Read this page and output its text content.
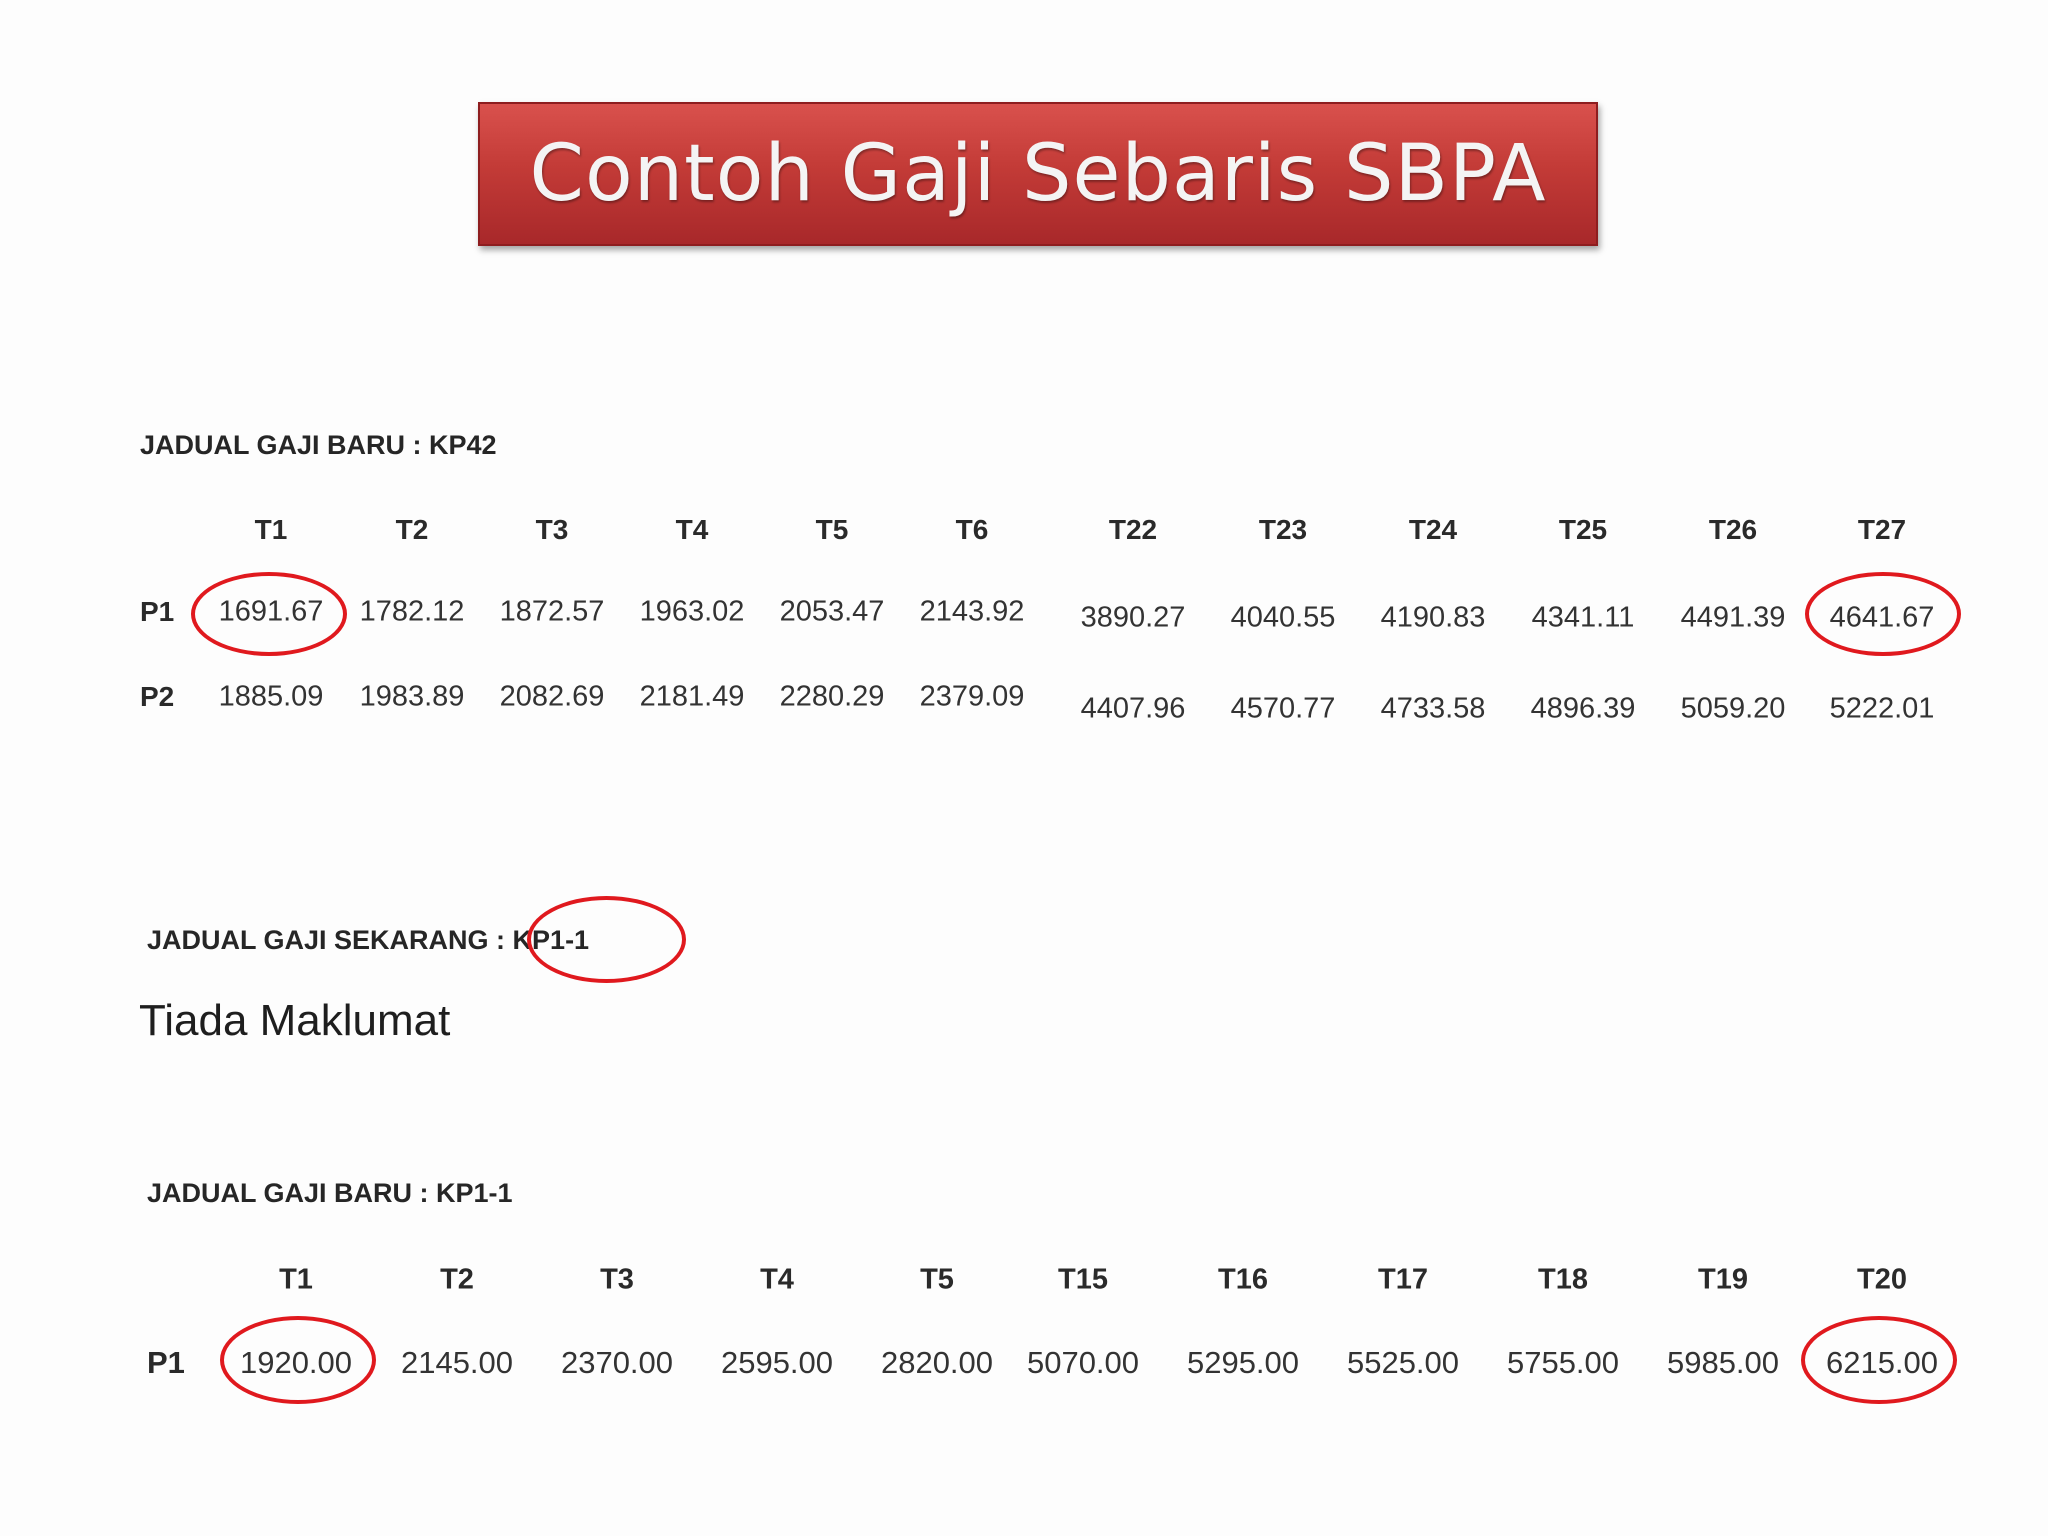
Contoh Gaji Sebaris SBPA
JADUAL GAJI BARU : KP42
T1	T2	T3	T4	T5	T6	T22	T23	T24	T25	T26	T27
P1 1691.67 1782.12 1872.57 1963.02 2053.47 2143.92 3890.27 4040.55 4190.83 4341.11 4491.39 4641.67
P2 1885.09 1983.89 2082.69 2181.49 2280.29 2379.09 4407.96 4570.77 4733.58 4896.39 5059.20 5222.01
JADUAL GAJI SEKARANG : KP1-1
Tiada Maklumat
JADUAL GAJI BARU : KP1-1
T1	T2	T3	T4	T5	T15	T16	T17	T18	T19	T20
P1 1920.00 2145.00 2370.00 2595.00 2820.00 5070.00 5295.00 5525.00 5755.00 5985.00 6215.00
